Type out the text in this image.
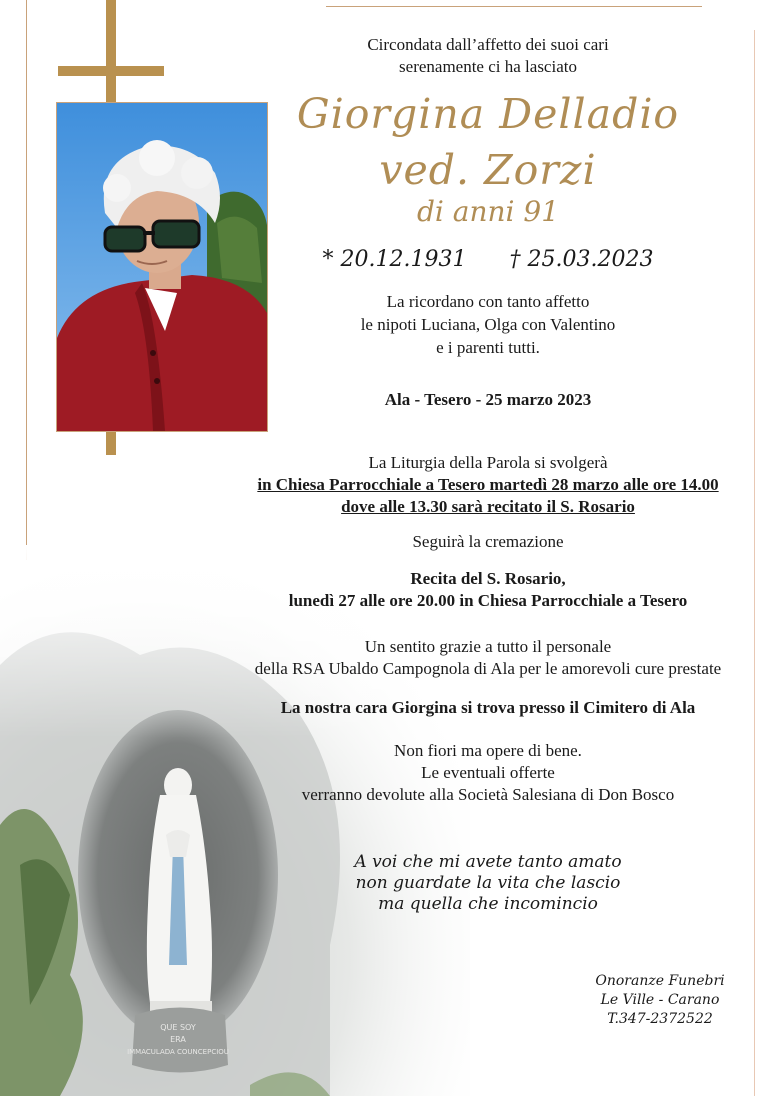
Circondata dall’affetto dei suoi cari
serenamente ci ha lasciato
Giorgina Delladio
ved. Zorzi
di anni 91
* 20.12.1931 † 25.03.2023
La ricordano con tanto affetto
le nipoti Luciana, Olga con Valentino
e i parenti tutti.
Ala - Tesero - 25 marzo 2023
La Liturgia della Parola si svolgerà
in Chiesa Parrocchiale a Tesero martedì 28 marzo alle ore 14.00
dove alle 13.30 sarà recitato il S. Rosario
Seguirà la cremazione
Recita del S. Rosario,
lunedì 27 alle ore 20.00 in Chiesa Parrocchiale a Tesero
Un sentito grazie a tutto il personale
della RSA Ubaldo Campognola di Ala per le amorevoli cure prestate
La nostra cara Giorgina si trova presso il Cimitero di Ala
Non fiori ma opere di bene.
Le eventuali offerte
verranno devolute alla Società Salesiana di Don Bosco
A voi che mi avete tanto amato
non guardate la vita che lascio
ma quella che incomincio
Onoranze Funebri
Le Ville - Carano
T.347-2372522
